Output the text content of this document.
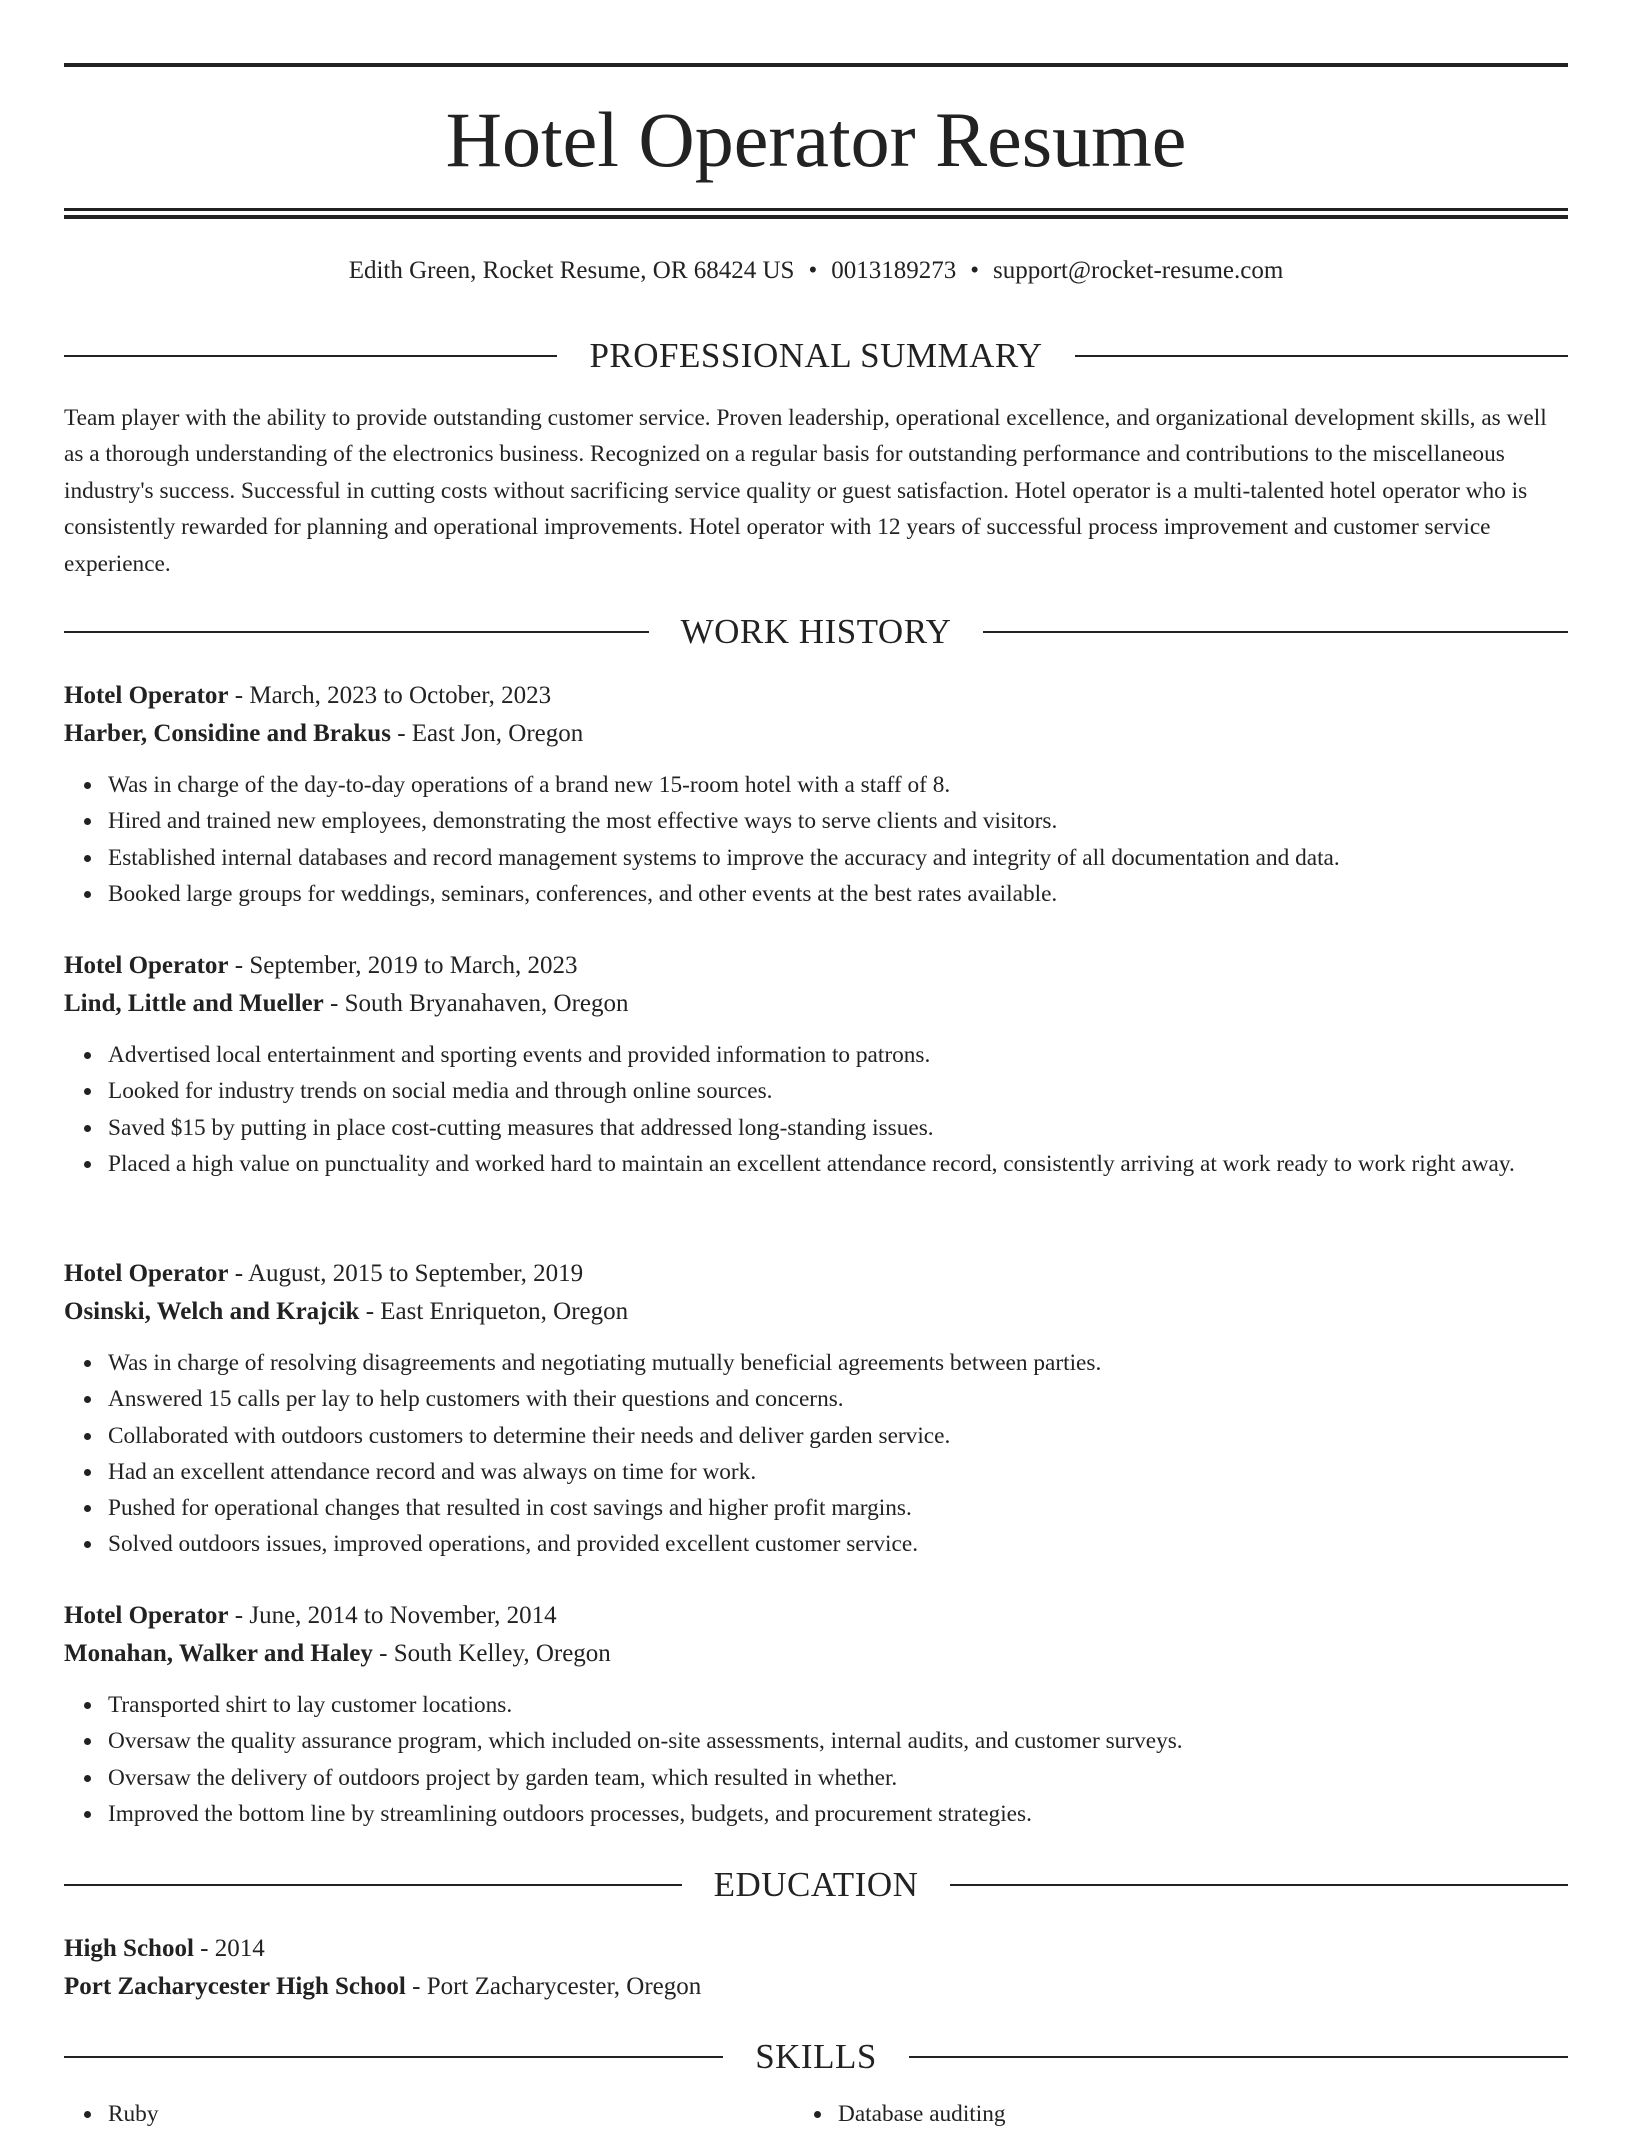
Hotel Operator Resume
Edith Green, Rocket Resume, OR 68424 US • 0013189273 • support@rocket-resume.com
PROFESSIONAL SUMMARY

Team player with the ability to provide outstanding customer service. Proven leadership, operational excellence, and organizational development skills, as well as a thorough understanding of the electronics business. Recognized on a regular basis for outstanding performance and contributions to the miscellaneous industry's success. Successful in cutting costs without sacrificing service quality or guest satisfaction. Hotel operator is a multi-talented hotel operator who is consistently rewarded for planning and operational improvements. Hotel operator with 12 years of successful process improvement and customer service experience.

WORK HISTORY
Hotel Operator - March, 2023 to October, 2023
Harber, Considine and Brakus - East Jon, Oregon
Was in charge of the day-to-day operations of a brand new 15-room hotel with a staff of 8.
Hired and trained new employees, demonstrating the most effective ways to serve clients and visitors.
Established internal databases and record management systems to improve the accuracy and integrity of all documentation and data.
Booked large groups for weddings, seminars, conferences, and other events at the best rates available.
Hotel Operator - September, 2019 to March, 2023
Lind, Little and Mueller - South Bryanahaven, Oregon
Advertised local entertainment and sporting events and provided information to patrons.
Looked for industry trends on social media and through online sources.
Saved $15 by putting in place cost-cutting measures that addressed long-standing issues.
Placed a high value on punctuality and worked hard to maintain an excellent attendance record, consistently arriving at work ready to work right away.
Hotel Operator - August, 2015 to September, 2019
Osinski, Welch and Krajcik - East Enriqueton, Oregon
Was in charge of resolving disagreements and negotiating mutually beneficial agreements between parties.
Answered 15 calls per lay to help customers with their questions and concerns.
Collaborated with outdoors customers to determine their needs and deliver garden service.
Had an excellent attendance record and was always on time for work.
Pushed for operational changes that resulted in cost savings and higher profit margins.
Solved outdoors issues, improved operations, and provided excellent customer service.
Hotel Operator - June, 2014 to November, 2014
Monahan, Walker and Haley - South Kelley, Oregon
Transported shirt to lay customer locations.
Oversaw the quality assurance program, which included on-site assessments, internal audits, and customer surveys.
Oversaw the delivery of outdoors project by garden team, which resulted in whether.
Improved the bottom line by streamlining outdoors processes, budgets, and procurement strategies.
EDUCATION
High School - 2014
Port Zacharycester High School - Port Zacharycester, Oregon
SKILLS
Ruby	Database auditing
